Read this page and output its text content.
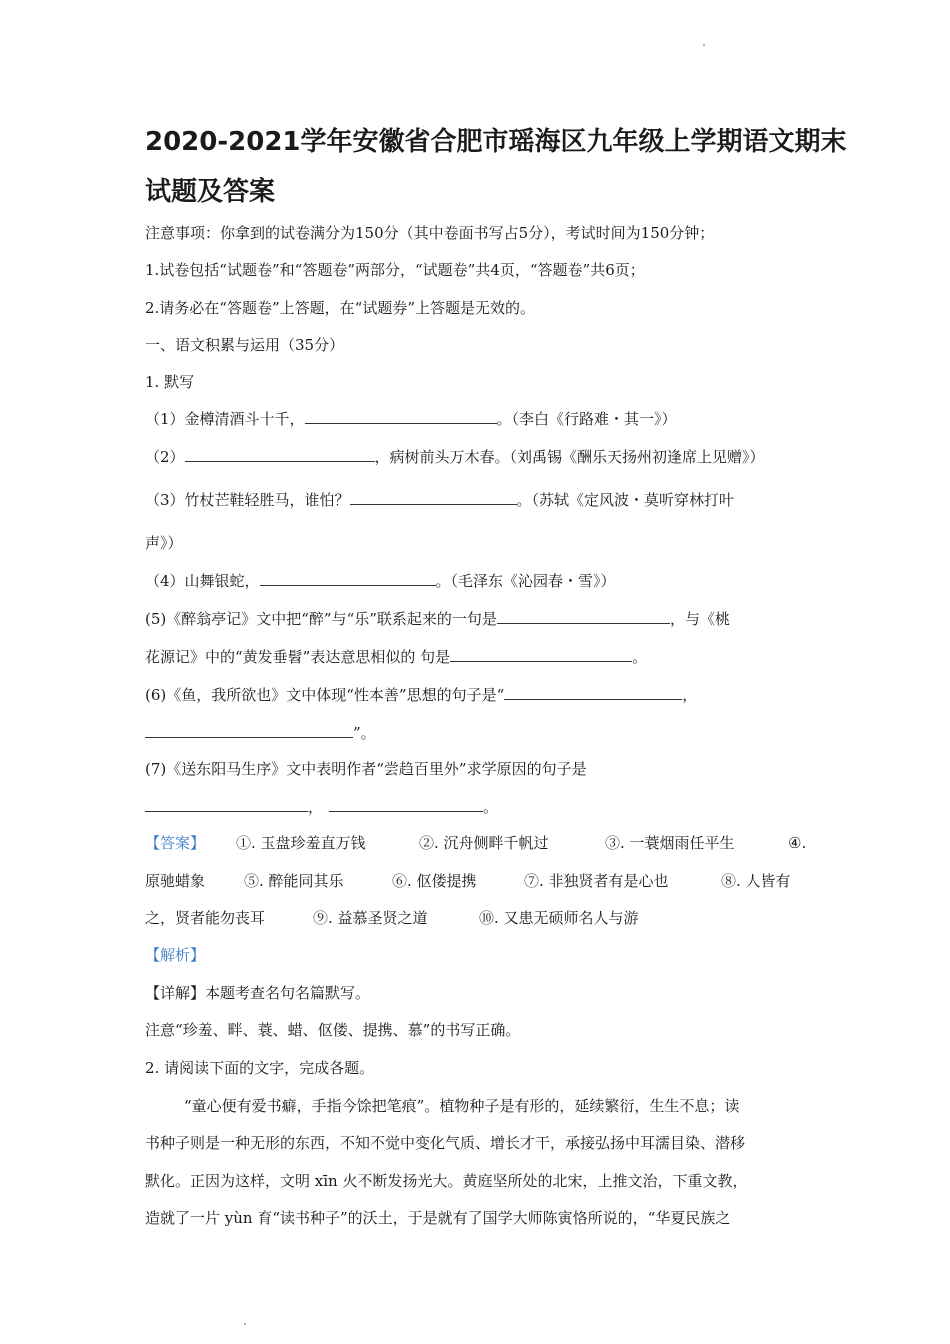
2020-2021学年安徽省合肥市瑶海区九年级上学期语文期末
试题及答案
注意事项：你拿到的试卷满分为150分（其中卷面书写占5分），考试时间为150分钟；
1.试卷包括“试题卷”和“答题卷”两部分，“试题卷”共4页，“答题卷”共6页；
2.请务必在“答题卷”上答题，在“试题券”上答题是无效的。
一、语文积累与运用（35分）
1. 默写
（1）金樽清酒斗十千，	。（李白《行路难・其一》）
（2）	，病树前头万木春。（刘禹锡《酬乐天扬州初逢席上见赠》）
（3）竹杖芒鞋轻胜马，谁怕？	。（苏轼《定风波・莫听穿林打叶
声》）
（4）山舞银蛇，	。（毛泽东《沁园春・雪》）
(5)《醉翁亭记》文中把“醉”与“乐”联系起来的一句是	，与《桃
花源记》中的“黄发垂髫”表达意思相似的 句是	。
(6)《鱼，我所欲也》文中体现“性本善”思想的句子是“	，
”。
(7)《送东阳马生序》文中表明作者“尝趋百里外”求学原因的句子是
，	。
【答案】 ①. 玉盘珍羞直万钱	②. 沉舟侧畔千帆过	③. 一蓑烟雨任平生	④.
原驰蜡象	⑤. 醉能同其乐	⑥. 伛偻提携	⑦. 非独贤者有是心也	⑧. 人皆有
之，贤者能勿丧耳	⑨. 益慕圣贤之道	⑩. 又患无硕师名人与游
【解析】
【详解】本题考查名句名篇默写。
注意“珍羞、畔、蓑、蜡、伛偻、提携、慕”的书写正确。
2. 请阅读下面的文字，完成各题。
“童心便有爱书癖，手指今馀把笔痕”。植物种子是有形的，延续繁衍，生生不息；读
书种子则是一种无形的东西，不知不觉中变化气质、增长才干，承接弘扬中耳濡目染、潜移
默化。正因为这样，文明 xīn 火不断发扬光大。黄庭坚所处的北宋，上推文治，下重文教，
造就了一片 yùn 育“读书种子”的沃土，于是就有了国学大师陈寅恪所说的，“华夏民族之
